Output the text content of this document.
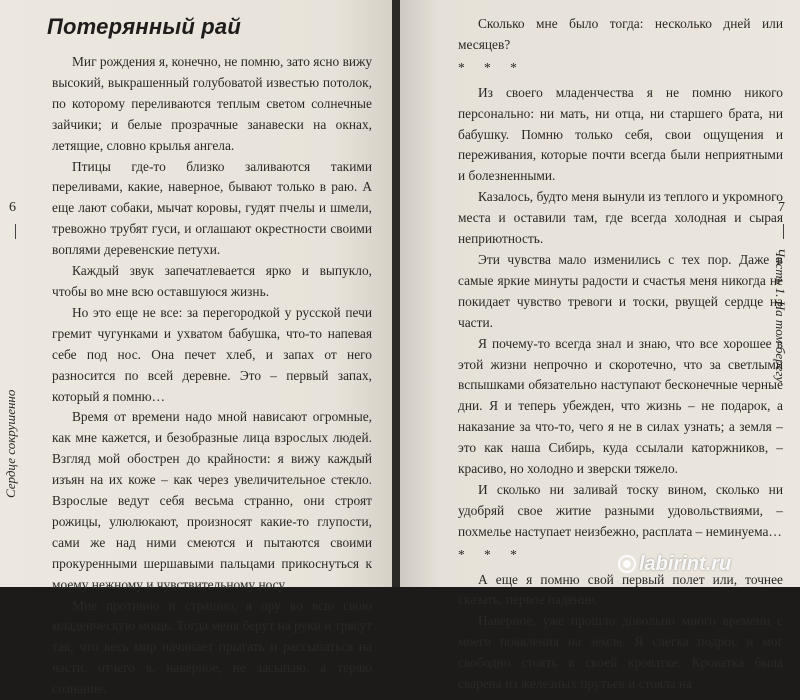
Потерянный рай

Миг рождения я, конечно, не помню, зато ясно вижу высокий, выкрашенный голубоватой известью потолок, по которому переливаются теплым светом солнечные зайчики; и белые прозрачные занавески на окнах, летящие, словно крылья ангела.

Птицы где-то близко заливаются такими переливами, какие, наверное, бывают только в раю. А еще лают собаки, мычат коровы, гудят пчелы и шмели, тревожно трубят гуси, и оглашают окрестности своими воплями деревенские петухи.

Каждый звук запечатлевается ярко и выпукло, чтобы во мне всю оставшуюся жизнь.

Но это еще не все: за перегородкой у русской печи гремит чугунками и ухватом бабушка, что-то напевая себе под нос. Она печет хлеб, и запах от него разносится по всей деревне. Это – первый запах, который я помню…

Время от времени надо мной нависают огромные, как мне кажется, и безобразные лица взрослых людей. Взгляд мой обострен до крайности: я вижу каждый изъян на их коже – как через увеличительное стекло. Взрослые ведут себя весьма странно, они строят рожицы, улюлюкают, произносят какие-то глупости, сами же над ними смеются и пытаются своими прокуренными шершавыми пальцами прикоснуться к моему нежному и чувствительному носу.

Мне противно и страшно, я ору во всю свою младенческую мощь. Тогда меня берут на руки и трясут так, что весь мир начинает прыгать и рассыпаться на части, отчего я, наверное, не засыпаю, а теряю сознание.

6
Сердце сокрушенно

Сколько мне было тогда: несколько дней или месяцев?

* * *

Из своего младенчества я не помню никого персонально: ни мать, ни отца, ни старшего брата, ни бабушку. Помню только себя, свои ощущения и переживания, которые почти всегда были неприятными и болезненными.

Казалось, будто меня вынули из теплого и укромного места и оставили там, где всегда холодная и сырая неприютность.

Эти чувства мало изменились с тех пор. Даже в самые яркие минуты радости и счастья меня никогда не покидает чувство тревоги и тоски, рвущей сердце на части.

Я почему-то всегда знал и знаю, что все хорошее в этой жизни непрочно и скоротечно, что за светлыми вспышками обязательно наступают бесконечные черные дни. Я и теперь убежден, что жизнь – не подарок, а наказание за что-то, чего я не в силах узнать; а земля – это как наша Сибирь, куда ссылали каторжников, – красиво, но холодно и зверски тяжело.

И сколько ни заливай тоску вином, сколько ни удобряй свое житие разными удовольствиями, – похмелье наступает неизбежно, расплата – неминуема…

* * *

А еще я помню свой первый полет или, точнее сказать, первое падение.

Наверное, уже прошло довольно много времени с моего появления на земле. Я слегка подрос и мог свободно стоять в своей кроватке. Кроватка была сварена из железных прутьев и стояла на

7
Часть 1. На том берегу
labirint.ru
